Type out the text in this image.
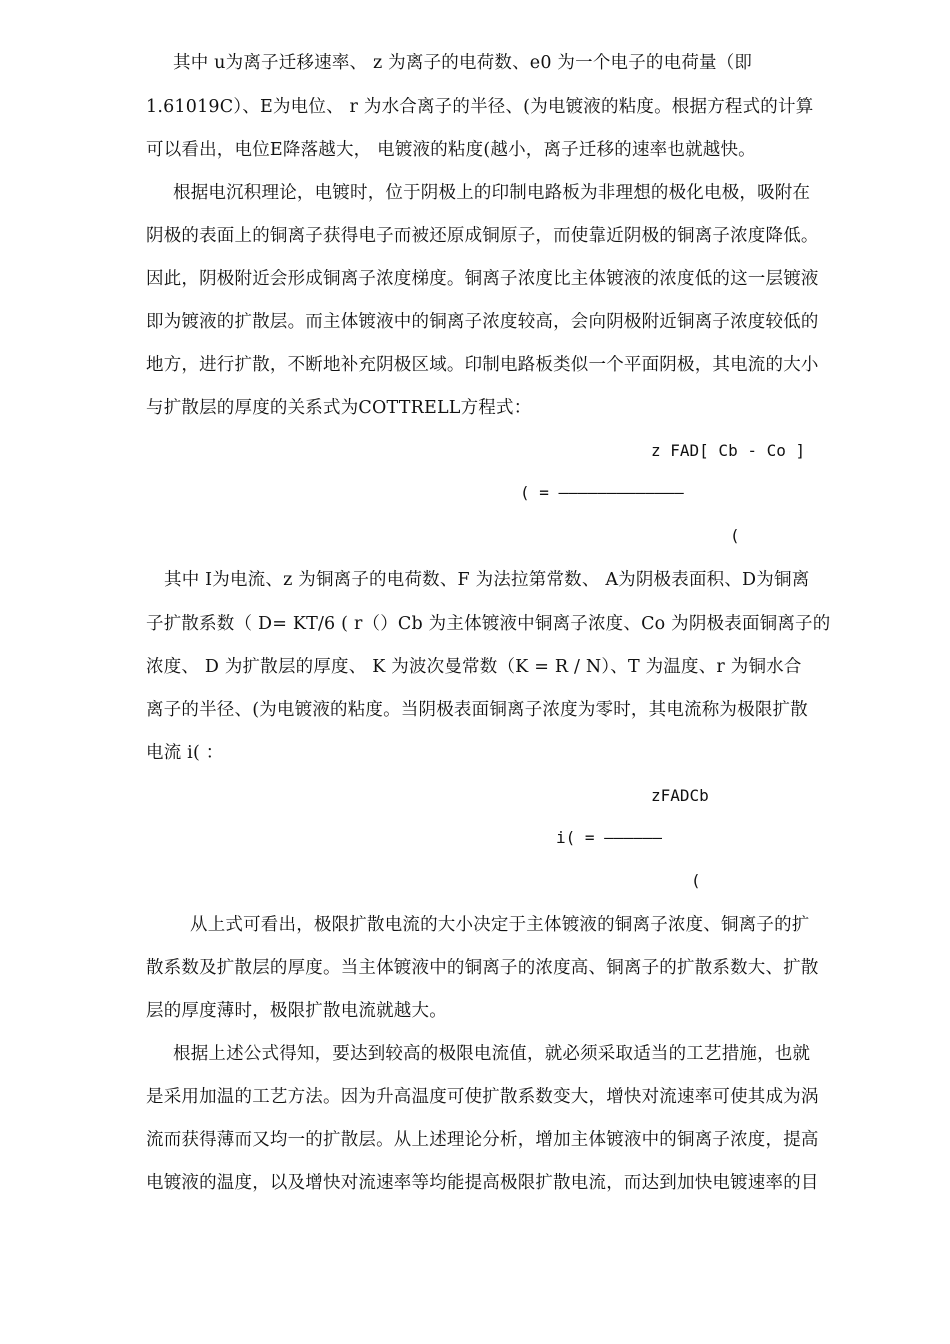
其中 u为离子迁移速率、 z 为离子的电荷数、e0 为一个电子的电荷量（即
1.61019C）、E为电位、 r 为水合离子的半径、(为电镀液的粘度。根据方程式的计算
可以看出，电位E降落越大， 电镀液的粘度(越小，离子迁移的速率也就越快。
根据电沉积理论，电镀时，位于阴极上的印制电路板为非理想的极化电极，吸附在
阴极的表面上的铜离子获得电子而被还原成铜原子，而使靠近阴极的铜离子浓度降低。
因此，阴极附近会形成铜离子浓度梯度。铜离子浓度比主体镀液的浓度低的这一层镀液
即为镀液的扩散层。而主体镀液中的铜离子浓度较高，会向阴极附近铜离子浓度较低的
地方，进行扩散，不断地补充阴极区域。印制电路板类似一个平面阴极，其电流的大小
与扩散层的厚度的关系式为COTTRELL方程式：
z FAD[ Cb - Co ]
( = —————————————
(
其中 I为电流、z 为铜离子的电荷数、F 为法拉第常数、 A为阴极表面积、D为铜离
子扩散系数（ D= KT/6 ( r（）Cb 为主体镀液中铜离子浓度、Co 为阴极表面铜离子的
浓度、 D 为扩散层的厚度、 K 为波次曼常数（K = R / N）、T 为温度、r 为铜水合
离子的半径、(为电镀液的粘度。当阴极表面铜离子浓度为零时，其电流称为极限扩散
电流 i( ：
zFADCb
i( = ——————
(
从上式可看出，极限扩散电流的大小决定于主体镀液的铜离子浓度、铜离子的扩
散系数及扩散层的厚度。当主体镀液中的铜离子的浓度高、铜离子的扩散系数大、扩散
层的厚度薄时，极限扩散电流就越大。
根据上述公式得知，要达到较高的极限电流值，就必须采取适当的工艺措施，也就
是采用加温的工艺方法。因为升高温度可使扩散系数变大，增快对流速率可使其成为涡
流而获得薄而又均一的扩散层。从上述理论分析，增加主体镀液中的铜离子浓度，提高
电镀液的温度，以及增快对流速率等均能提高极限扩散电流，而达到加快电镀速率的目
